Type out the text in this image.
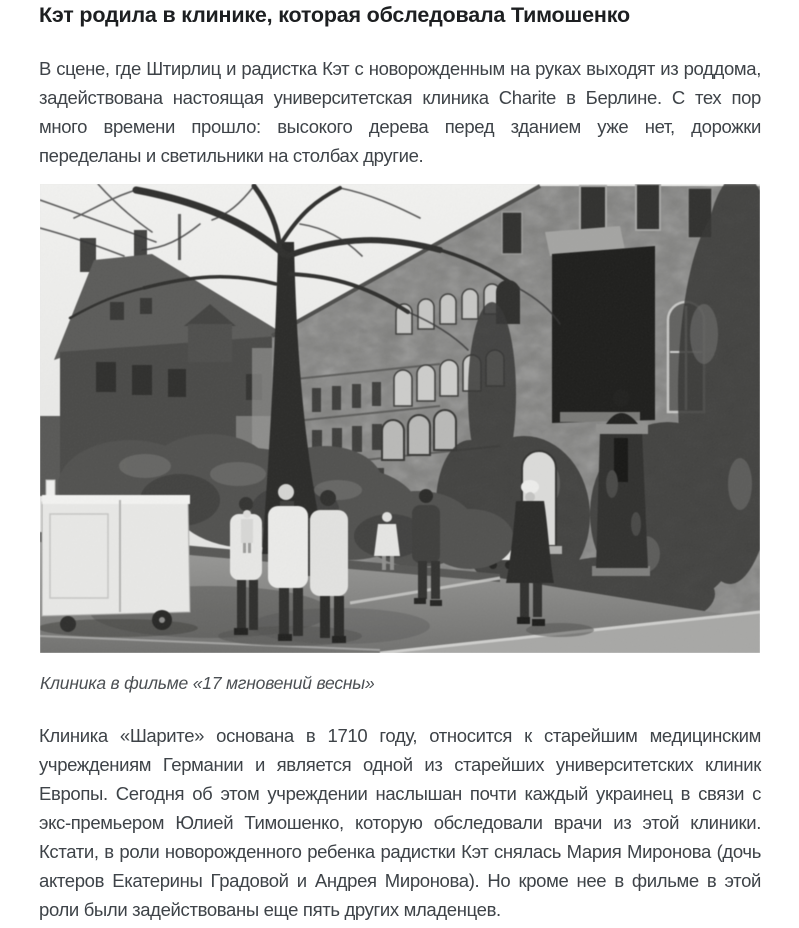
Кэт родила в клинике, которая обследовала Тимошенко

В сцене, где Штирлиц и радистка Кэт с новорожденным на руках выходят из роддома, задействована настоящая университетская клиника Charite в Берлине. С тех пор много времени прошло: высокого дерева перед зданием уже нет, дорожки переделаны и светильники на столбах другие.

Клиника в фильме «17 мгновений весны»

Клиника «Шарите» основана в 1710 году, относится к старейшим медицинским учреждениям Германии и является одной из старейших университетских клиник Европы. Сегодня об этом учреждении наслышан почти каждый украинец в связи с экс-премьером Юлией Тимошенко, которую обследовали врачи из этой клиники. Кстати, в роли новорожденного ребенка радистки Кэт снялась Мария Миронова (дочь актеров Екатерины Градовой и Андрея Миронова). Но кроме нее в фильме в этой роли были задействованы еще пять других младенцев.
